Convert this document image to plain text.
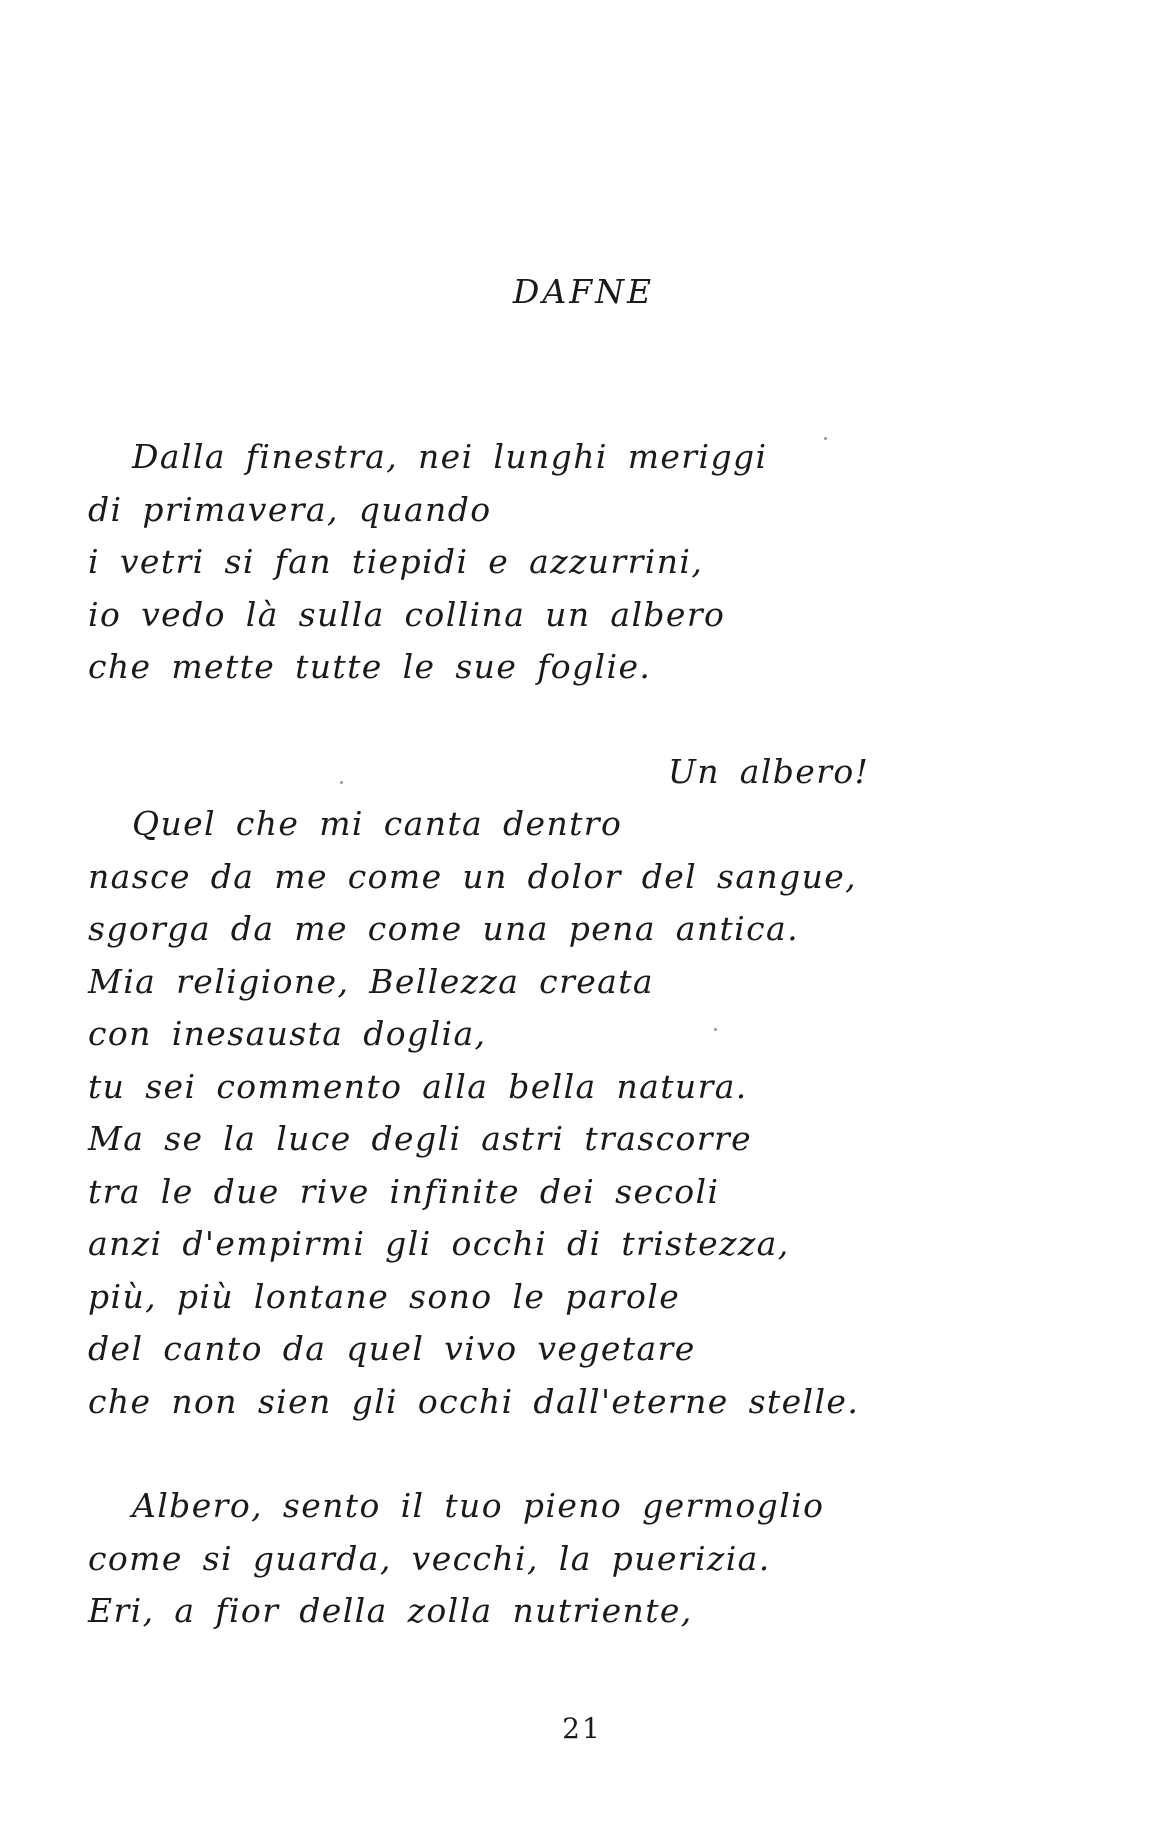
DAFNE
Dalla finestra, nei lunghi meriggi
di primavera, quando
i vetri si fan tiepidi e azzurrini,
io vedo là sulla collina un albero
che mette tutte le sue foglie.
Un albero!
Quel che mi canta dentro
nasce da me come un dolor del sangue,
sgorga da me come una pena antica.
Mia religione, Bellezza creata
con inesausta doglia,
tu sei commento alla bella natura.
Ma se la luce degli astri trascorre
tra le due rive infinite dei secoli
anzi d'empirmi gli occhi di tristezza,
più, più lontane sono le parole
del canto da quel vivo vegetare
che non sien gli occhi dall'eterne stelle.
Albero, sento il tuo pieno germoglio
come si guarda, vecchi, la puerizia.
Eri, a fior della zolla nutriente,
21
